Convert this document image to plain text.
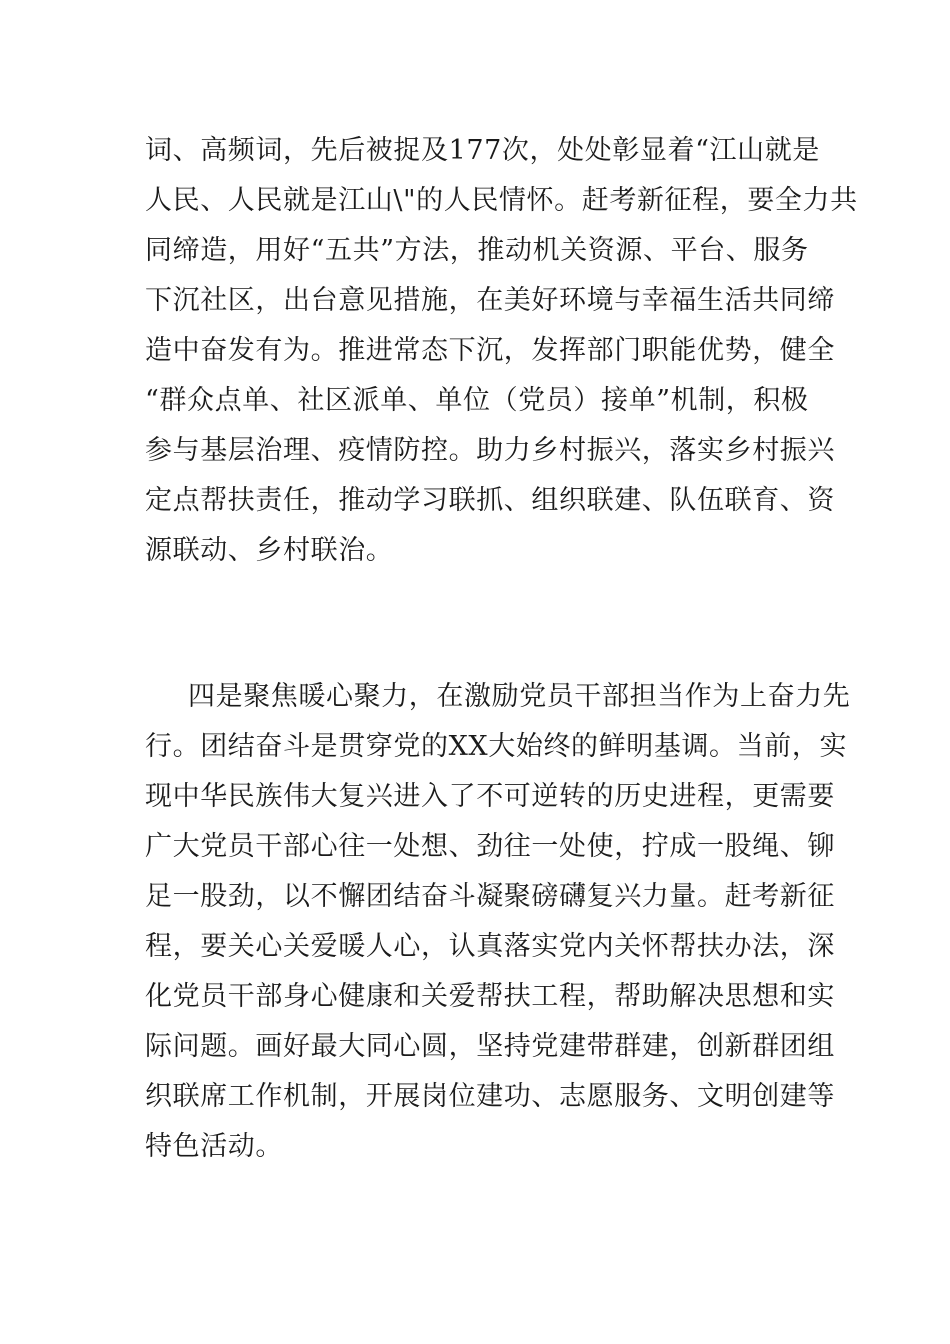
词、高频词，先后被捉及177次，处处彰显着“江山就是
人民、人民就是江山\"的人民情怀。赶考新征程，要全力共
同缔造，用好“五共”方法，推动机关资源、平台、服务
下沉社区，出台意见措施，在美好环境与幸福生活共同缔
造中奋发有为。推进常态下沉，发挥部门职能优势，健全
“群众点单、社区派单、单位（党员）接单”机制，积极
参与基层治理、疫情防控。助力乡村振兴，落实乡村振兴
定点帮扶责任，推动学习联抓、组织联建、队伍联育、资
源联动、乡村联治。
四是聚焦暖心聚力，在激励党员干部担当作为上奋力先
行。团结奋斗是贯穿党的XX大始终的鲜明基调。当前，实
现中华民族伟大复兴进入了不可逆转的历史进程，更需要
广大党员干部心往一处想、劲往一处使，拧成一股绳、铆
足一股劲，以不懈团结奋斗凝聚磅礴复兴力量。赶考新征
程，要关心关爱暖人心，认真落实党内关怀帮扶办法，深
化党员干部身心健康和关爱帮扶工程，帮助解决思想和实
际问题。画好最大同心圆，坚持党建带群建，创新群团组
织联席工作机制，开展岗位建功、志愿服务、文明创建等
特色活动。
